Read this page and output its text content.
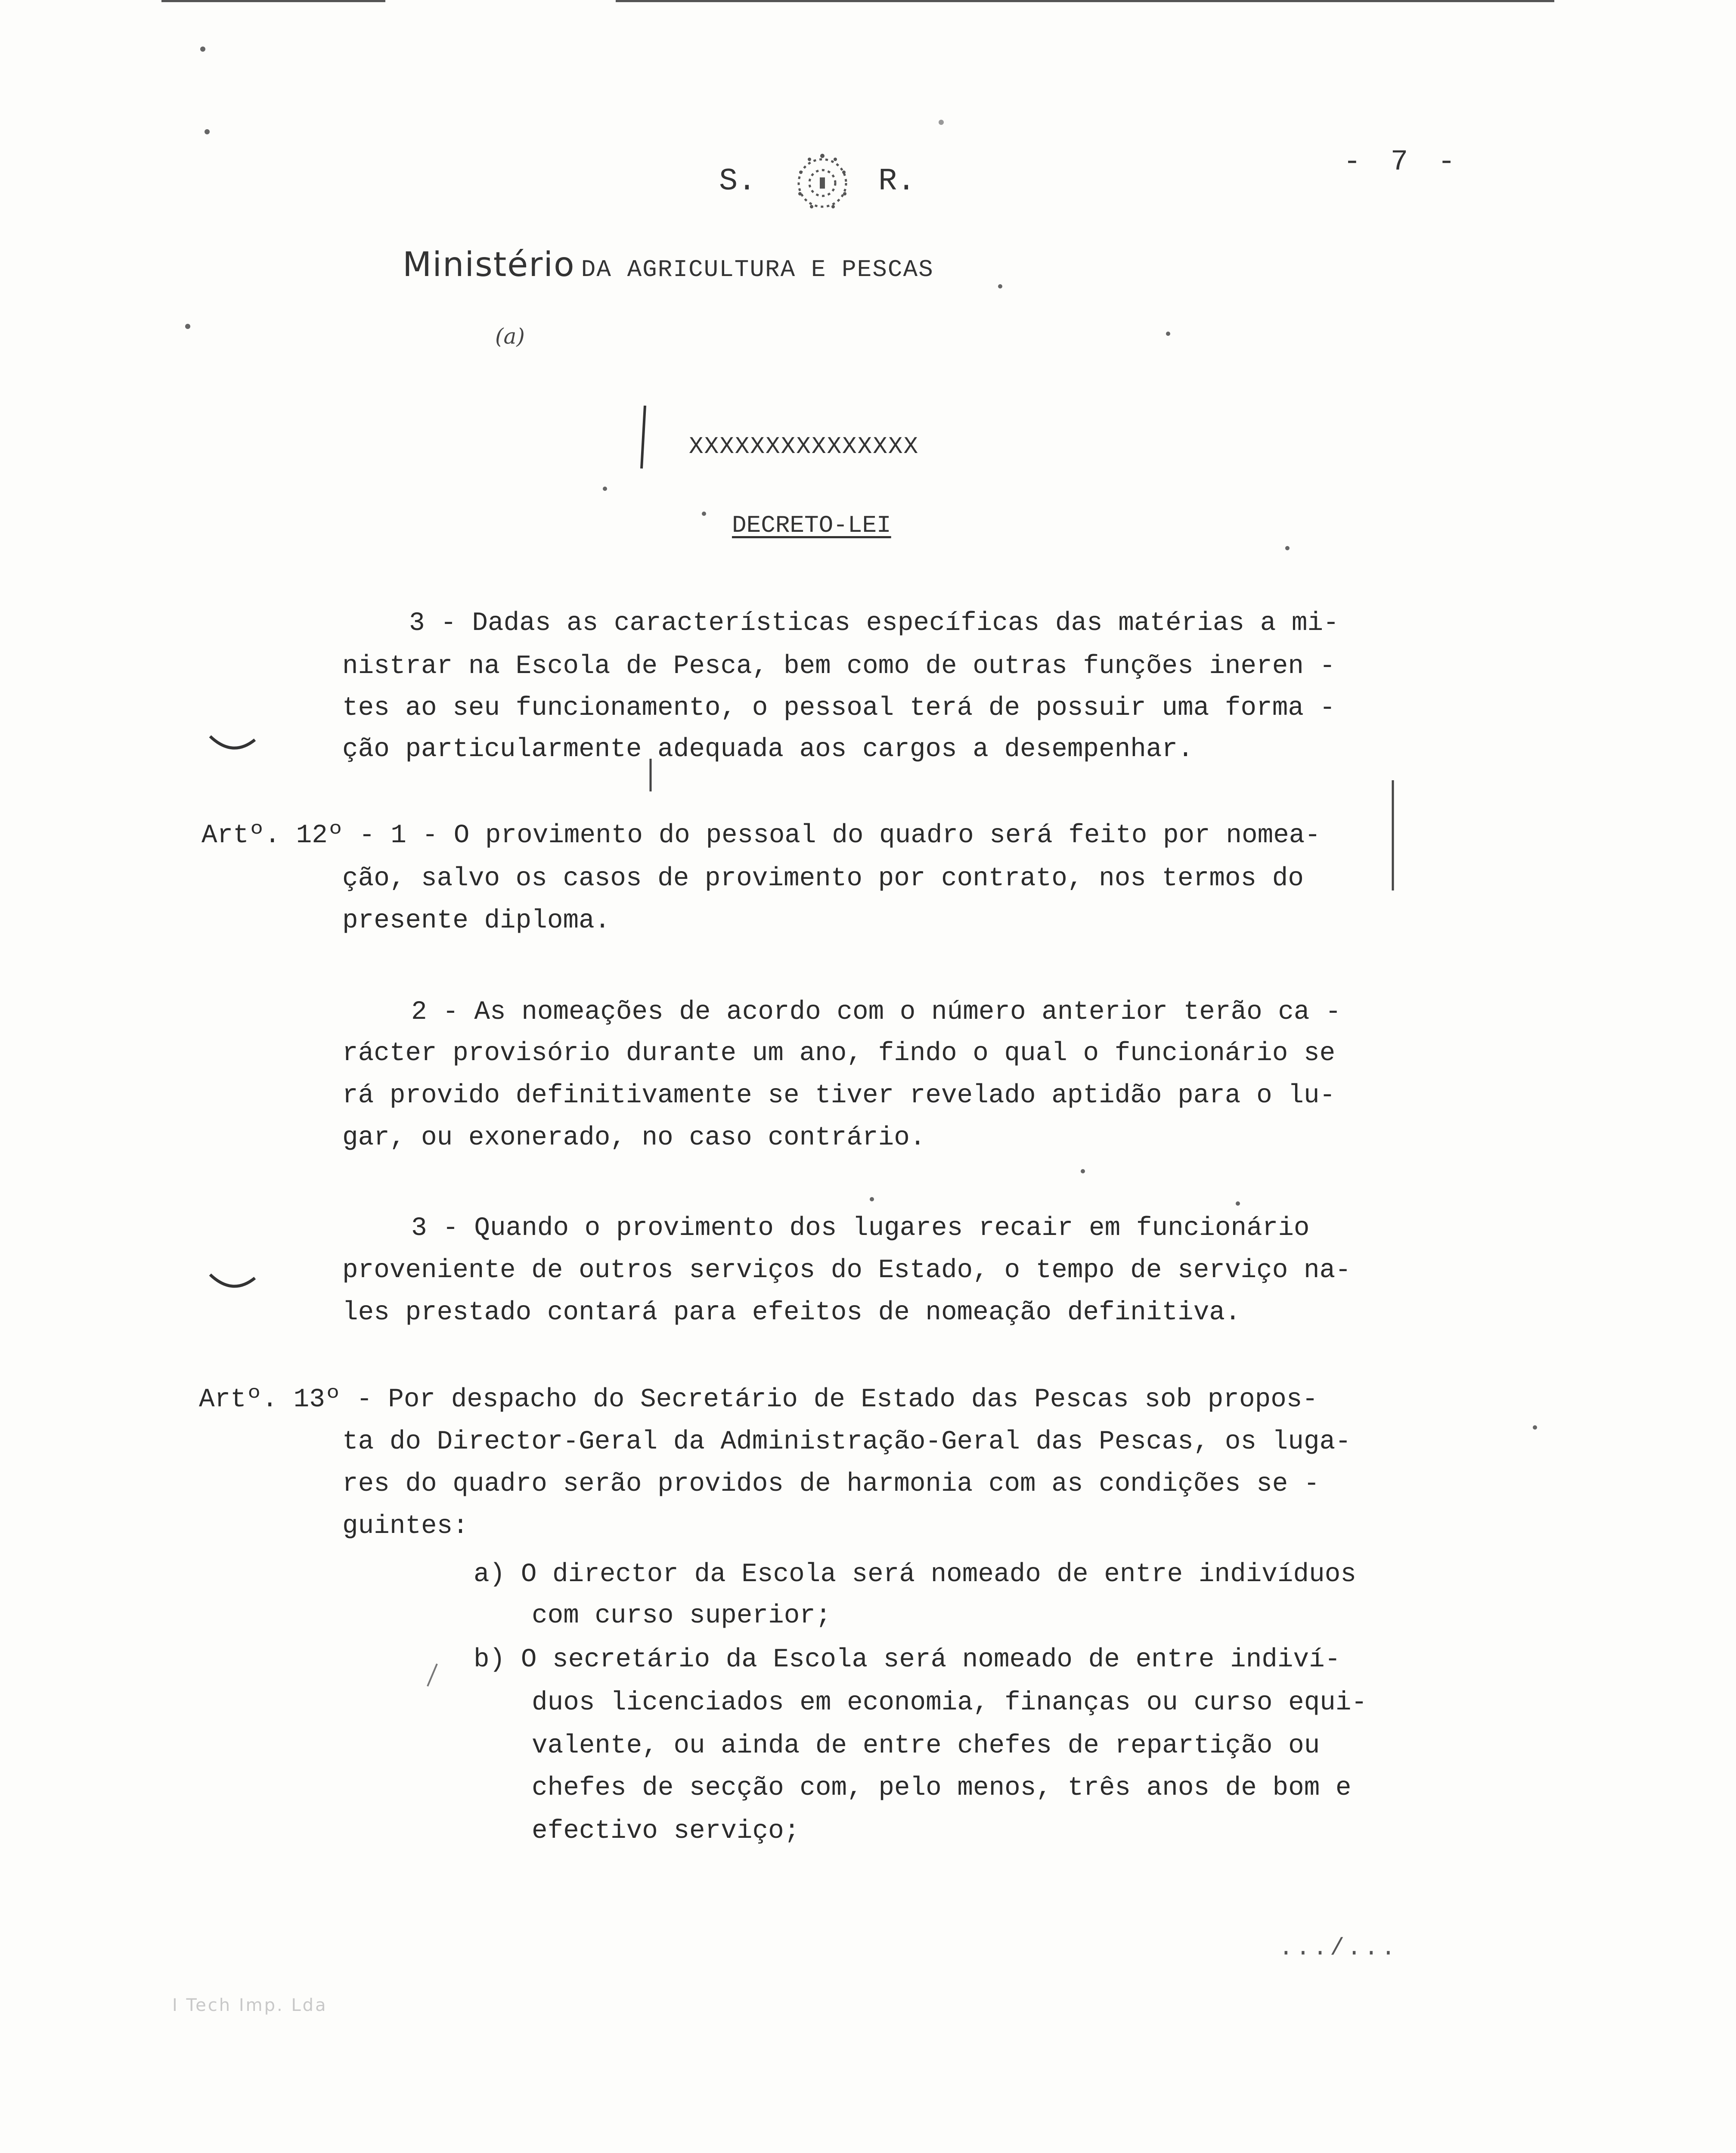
- 7 -
S.	R.
Ministério DA AGRICULTURA E PESCAS
(a)
XXXXXXXXXXXXXXX
DECRETO-LEI
3 - Dadas as características específicas das matérias a mi-
nistrar na Escola de Pesca, bem como de outras funções ineren -
tes ao seu funcionamento, o pessoal terá de possuir uma forma -
ção particularmente adequada aos cargos a desempenhar.
Artº. 12º - 1 - O provimento do pessoal do quadro será feito por nomea-
ção, salvo os casos de provimento por contrato, nos termos do
presente diploma.
2 - As nomeações de acordo com o número anterior terão ca -
rácter provisório durante um ano, findo o qual o funcionário se
rá provido definitivamente se tiver revelado aptidão para o lu-
gar, ou exonerado, no caso contrário.
3 - Quando o provimento dos lugares recair em funcionário
proveniente de outros serviços do Estado, o tempo de serviço na-
les prestado contará para efeitos de nomeação definitiva.
Artº. 13º - Por despacho do Secretário de Estado das Pescas sob propos-
ta do Director-Geral da Administração-Geral das Pescas, os luga-
res do quadro serão providos de harmonia com as condições se -
guintes:
a) O director da Escola será nomeado de entre indivíduos
com curso superior;
b) O secretário da Escola será nomeado de entre indiví-
duos licenciados em economia, finanças ou curso equi-
valente, ou ainda de entre chefes de repartição ou
chefes de secção com, pelo menos, três anos de bom e
efectivo serviço;
.../...
I Tech Imp. Lda
